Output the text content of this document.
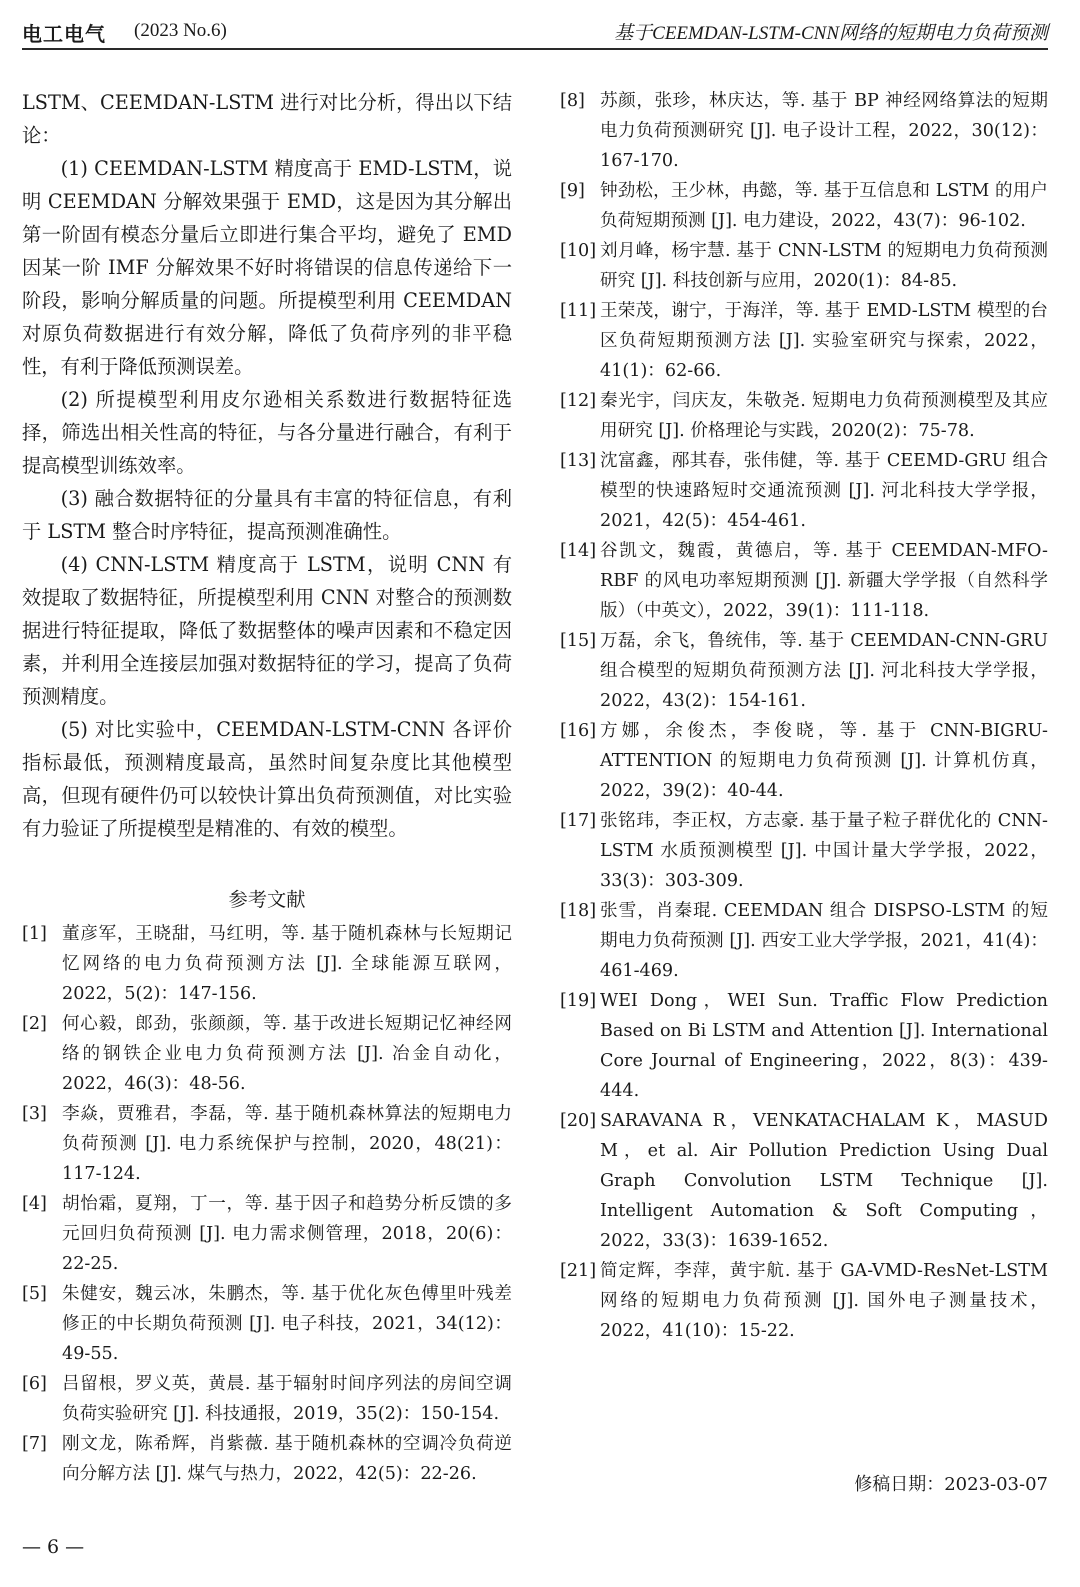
电工电气 (2023 No.6)	基于CEEMDAN-LSTM-CNN网络的短期电力负荷预测

LSTM、CEEMDAN-LSTM 进行对比分析，得出以下结论：

(1) CEEMDAN-LSTM 精度高于 EMD-LSTM，说明 CEEMDAN 分解效果强于 EMD，这是因为其分解出第一阶固有模态分量后立即进行集合平均，避免了 EMD 因某一阶 IMF 分解效果不好时将错误的信息传递给下一阶段，影响分解质量的问题。所提模型利用 CEEMDAN 对原负荷数据进行有效分解，降低了负荷序列的非平稳性，有利于降低预测误差。

(2) 所提模型利用皮尔逊相关系数进行数据特征选择，筛选出相关性高的特征，与各分量进行融合，有利于提高模型训练效率。

(3) 融合数据特征的分量具有丰富的特征信息，有利于 LSTM 整合时序特征，提高预测准确性。

(4) CNN-LSTM 精度高于 LSTM，说明 CNN 有效提取了数据特征，所提模型利用 CNN 对整合的预测数据进行特征提取，降低了数据整体的噪声因素和不稳定因素，并利用全连接层加强对数据特征的学习，提高了负荷预测精度。

(5) 对比实验中，CEEMDAN-LSTM-CNN 各评价指标最低，预测精度最高，虽然时间复杂度比其他模型高，但现有硬件仍可以较快计算出负荷预测值，对比实验有力验证了所提模型是精准的、有效的模型。

参考文献
[1] 董彦军，王晓甜，马红明，等. 基于随机森林与长短期记忆网络的电力负荷预测方法 [J]. 全球能源互联网，2022，5(2)：147-156.
[2] 何心毅，郎劲，张颜颜，等. 基于改进长短期记忆神经网络的钢铁企业电力负荷预测方法 [J]. 冶金自动化，2022，46(3)：48-56.
[3] 李焱，贾雅君，李磊，等. 基于随机森林算法的短期电力负荷预测 [J]. 电力系统保护与控制，2020，48(21)：117-124.
[4] 胡怡霜，夏翔，丁一，等. 基于因子和趋势分析反馈的多元回归负荷预测 [J]. 电力需求侧管理，2018，20(6)：22-25.
[5] 朱健安，魏云冰，朱鹏杰，等. 基于优化灰色傅里叶残差修正的中长期负荷预测 [J]. 电子科技，2021，34(12)：49-55.
[6] 吕留根，罗义英，黄晨. 基于辐射时间序列法的房间空调负荷实验研究 [J]. 科技通报，2019，35(2)：150-154.
[7] 刚文龙，陈希辉，肖紫薇. 基于随机森林的空调冷负荷逆向分解方法 [J]. 煤气与热力，2022，42(5)：22-26.
[8] 苏颜，张珍，林庆达，等. 基于 BP 神经网络算法的短期电力负荷预测研究 [J]. 电子设计工程，2022，30(12)：167-170.
[9] 钟劲松，王少林，冉懿，等. 基于互信息和 LSTM 的用户负荷短期预测 [J]. 电力建设，2022，43(7)：96-102.
[10] 刘月峰，杨宇慧. 基于 CNN-LSTM 的短期电力负荷预测研究 [J]. 科技创新与应用，2020(1)：84-85.
[11] 王荣茂，谢宁，于海洋，等. 基于 EMD-LSTM 模型的台区负荷短期预测方法 [J]. 实验室研究与探索，2022，41(1)：62-66.
[12] 秦光宇，闫庆友，朱敬尧. 短期电力负荷预测模型及其应用研究 [J]. 价格理论与实践，2020(2)：75-78.
[13] 沈富鑫，邴其春，张伟健，等. 基于 CEEMD-GRU 组合模型的快速路短时交通流预测 [J]. 河北科技大学学报，2021，42(5)：454-461.
[14] 谷凯文，魏霞，黄德启，等. 基于 CEEMDAN-MFO-RBF 的风电功率短期预测 [J]. 新疆大学学报（自然科学版）（中英文），2022，39(1)：111-118.
[15] 万磊，余飞，鲁统伟，等. 基于 CEEMDAN-CNN-GRU 组合模型的短期负荷预测方法 [J]. 河北科技大学学报，2022，43(2)：154-161.
[16] 方娜，余俊杰，李俊晓，等. 基于 CNN-BIGRU-ATTENTION 的短期电力负荷预测 [J]. 计算机仿真，2022，39(2)：40-44.
[17] 张铭玮，李正权，方志豪. 基于量子粒子群优化的 CNN-LSTM 水质预测模型 [J]. 中国计量大学学报，2022，33(3)：303-309.
[18] 张雪，肖秦琨. CEEMDAN 组合 DISPSO-LSTM 的短期电力负荷预测 [J]. 西安工业大学学报，2021，41(4)：461-469.
[19] WEI Dong，WEI Sun. Traffic Flow Prediction Based on Bi LSTM and Attention [J]. International Core Journal of Engineering，2022，8(3)：439-444.
[20] SARAVANA R，VENKATACHALAM K，MASUD M，et al. Air Pollution Prediction Using Dual Graph Convolution LSTM Technique [J]. Intelligent Automation & Soft Computing，2022，33(3)：1639-1652.
[21] 简定辉，李萍，黄宇航. 基于 GA-VMD-ResNet-LSTM 网络的短期电力负荷预测 [J]. 国外电子测量技术，2022，41(10)：15-22.
修稿日期：2023-03-07
— 6 —
